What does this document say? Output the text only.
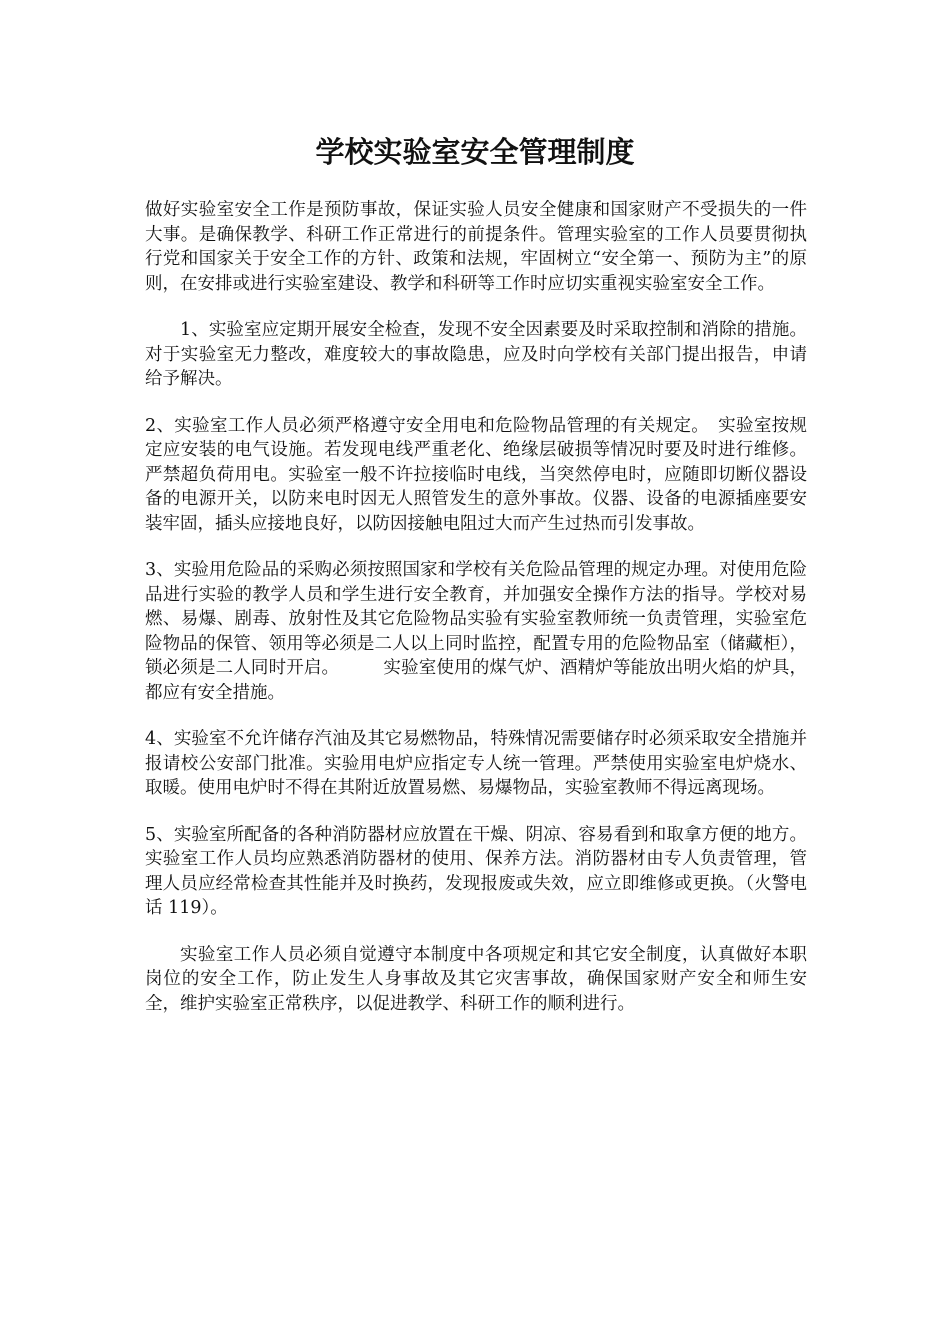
学校实验室安全管理制度

做好实验室安全工作是预防事故，保证实验人员安全健康和国家财产不受损失的一件大事。是确保教学、科研工作正常进行的前提条件。管理实验室的工作人员要贯彻执行党和国家关于安全工作的方针、政策和法规，牢固树立“安全第一、预防为主”的原则，在安排或进行实验室建设、教学和科研等工作时应切实重视实验室安全工作。

1、实验室应定期开展安全检查，发现不安全因素要及时采取控制和消除的措施。对于实验室无力整改，难度较大的事故隐患，应及时向学校有关部门提出报告，申请给予解决。

2、实验室工作人员必须严格遵守安全用电和危险物品管理的有关规定。　实验室按规定应安装的电气设施。若发现电线严重老化、绝缘层破损等情况时要及时进行维修。严禁超负荷用电。实验室一般不许拉接临时电线，当突然停电时，应随即切断仪器设备的电源开关，以防来电时因无人照管发生的意外事故。仪器、设备的电源插座要安装牢固，插头应接地良好，以防因接触电阻过大而产生过热而引发事故。

3、实验用危险品的采购必须按照国家和学校有关危险品管理的规定办理。对使用危险品进行实验的教学人员和学生进行安全教育，并加强安全操作方法的指导。学校对易燃、易爆、剧毒、放射性及其它危险物品实验有实验室教师统一负责管理，实验室危险物品的保管、领用等必须是二人以上同时监控，配置专用的危险物品室（储藏柜），锁必须是二人同时开启。　　　实验室使用的煤气炉、酒精炉等能放出明火焰的炉具，都应有安全措施。

4、实验室不允许储存汽油及其它易燃物品，特殊情况需要储存时必须采取安全措施并报请校公安部门批准。实验用电炉应指定专人统一管理。严禁使用实验室电炉烧水、取暖。使用电炉时不得在其附近放置易燃、易爆物品，实验室教师不得远离现场。

5、实验室所配备的各种消防器材应放置在干燥、阴凉、容易看到和取拿方便的地方。实验室工作人员均应熟悉消防器材的使用、保养方法。消防器材由专人负责管理，管理人员应经常检查其性能并及时换药，发现报废或失效，应立即维修或更换。（火警电话 119）。

实验室工作人员必须自觉遵守本制度中各项规定和其它安全制度，认真做好本职岗位的安全工作，防止发生人身事故及其它灾害事故，确保国家财产安全和师生安全，维护实验室正常秩序，以促进教学、科研工作的顺利进行。
